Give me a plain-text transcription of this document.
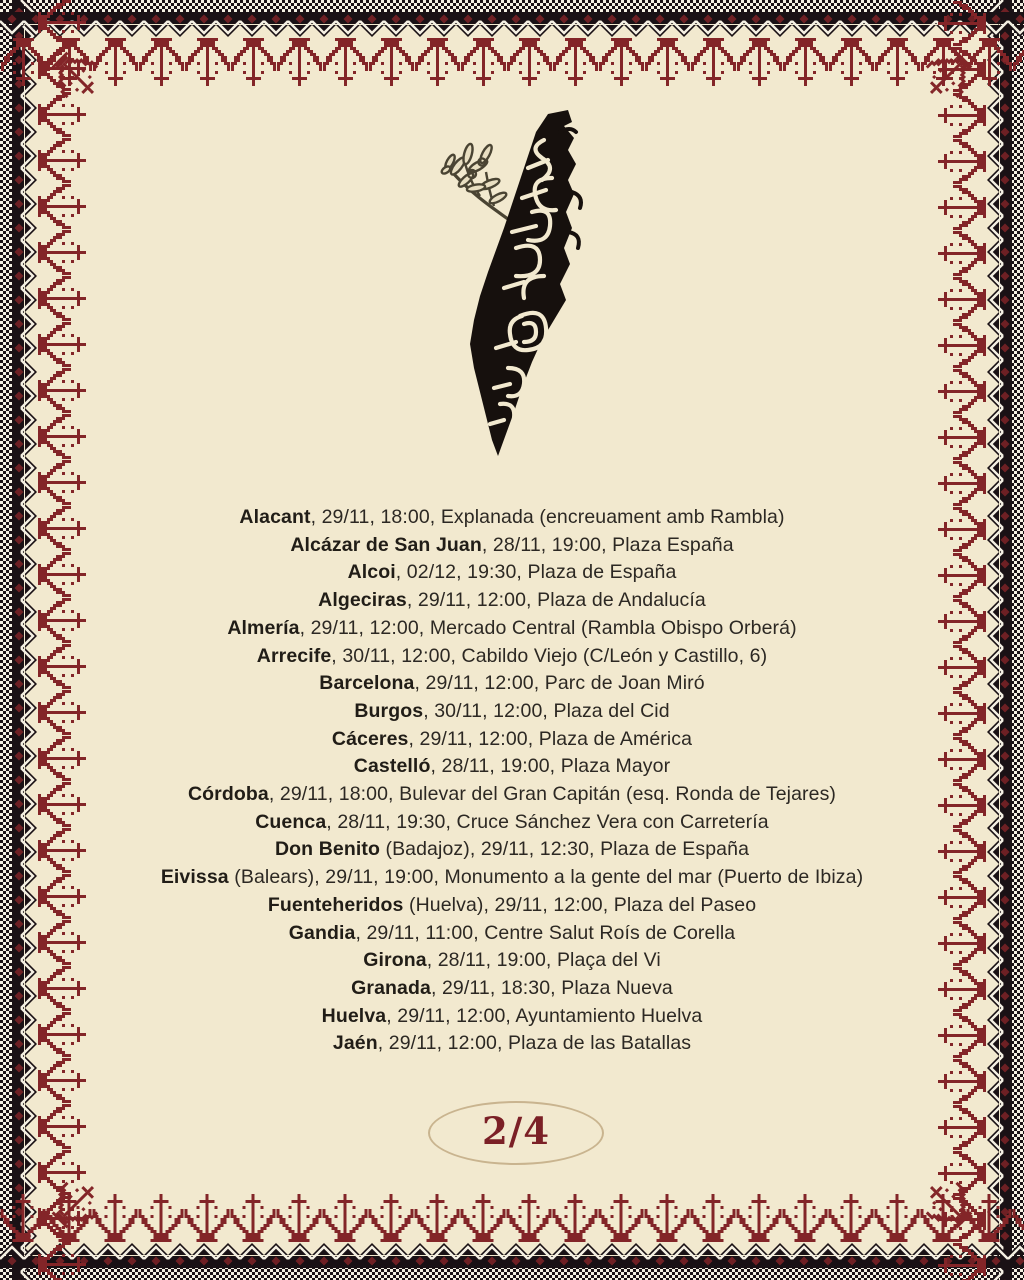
Alacant, 29/11, 18:00, Explanada (encreuament amb Rambla)
Alcázar de San Juan, 28/11, 19:00, Plaza España
Alcoi, 02/12, 19:30, Plaza de España
Algeciras, 29/11, 12:00, Plaza de Andalucía
Almería, 29/11, 12:00, Mercado Central (Rambla Obispo Orberá)
Arrecife, 30/11, 12:00, Cabildo Viejo (C/León y Castillo, 6)
Barcelona, 29/11, 12:00, Parc de Joan Miró
Burgos, 30/11, 12:00, Plaza del Cid
Cáceres, 29/11, 12:00, Plaza de América
Castelló, 28/11, 19:00, Plaza Mayor
Córdoba, 29/11, 18:00, Bulevar del Gran Capitán (esq. Ronda de Tejares)
Cuenca, 28/11, 19:30, Cruce Sánchez Vera con Carretería
Don Benito (Badajoz), 29/11, 12:30, Plaza de España
Eivissa (Balears), 29/11, 19:00, Monumento a la gente del mar (Puerto de Ibiza)
Fuenteheridos (Huelva), 29/11, 12:00, Plaza del Paseo
Gandia, 29/11, 11:00, Centre Salut Roís de Corella
Girona, 28/11, 19:00, Plaça del Vi
Granada, 29/11, 18:30, Plaza Nueva
Huelva, 29/11, 12:00, Ayuntamiento Huelva
Jaén, 29/11, 12:00, Plaza de las Batallas
2/4
